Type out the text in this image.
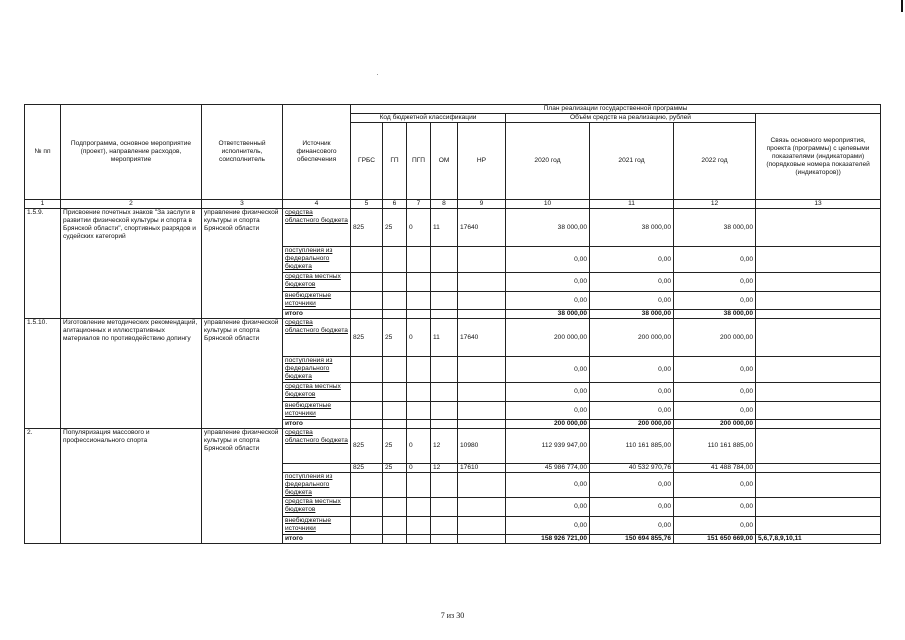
№ пп	Подпрограмма, основное мероприятие (проект), направление расходов, мероприятие	Ответственный исполнитель, соисполнитель	Источник финансового обеспечения	План реализации государственной программы								
				Код бюджетной классификации					Объём средств на реализацию, рублей			Связь основного мероприятия, проекта (программы) с целевыми показателями (индикаторами) (порядковые номера показателей (индикаторов))
				ГРБС	ГП	ПГП	ОМ	НР	2020 год	2021 год	2022 год	
1	2	3	4	5	6	7	8	9	10	11	12	13
1.5.9.	Присвоение почетных знаков "За заслуги в развитии физической культуры и спорта в Брянской области", спортивных разрядов и судейских категорий	управление физической культуры и спорта Брянской области	средства областного бюджета	825	25	0	11	17640	38 000,00	38 000,00	38 000,00	
			поступления из федерального бюджета						0,00	0,00	0,00	
			средства местных бюджетов						0,00	0,00	0,00	
			внебюджетные источники						0,00	0,00	0,00	
			итого						38 000,00	38 000,00	38 000,00	
1.5.10.	Изготовление методических рекомендаций, агитационных и иллюстративных материалов по противодействию допингу	управление физической культуры и спорта Брянской области	средства областного бюджета	825	25	0	11	17640	200 000,00	200 000,00	200 000,00	
			поступления из федерального бюджета						0,00	0,00	0,00	
			средства местных бюджетов						0,00	0,00	0,00	
			внебюджетные источники						0,00	0,00	0,00	
			итого						200 000,00	200 000,00	200 000,00	
2.	Популяризация массового и профессионального спорта	управление физической культуры и спорта Брянской области	средства областного бюджета	825	25	0	12	10980	112 939 947,00	110 161 885,00	110 161 885,00	
				825	25	0	12	17610	45 986 774,00	40 532 970,76	41 488 784,00	
			поступления из федерального бюджета						0,00	0,00	0,00	
			средства местных бюджетов						0,00	0,00	0,00	
			внебюджетные источники						0,00	0,00	0,00	
			итого						158 926 721,00	150 694 855,76	151 650 669,00	5,6,7,8,9,10,11
7 из 30
